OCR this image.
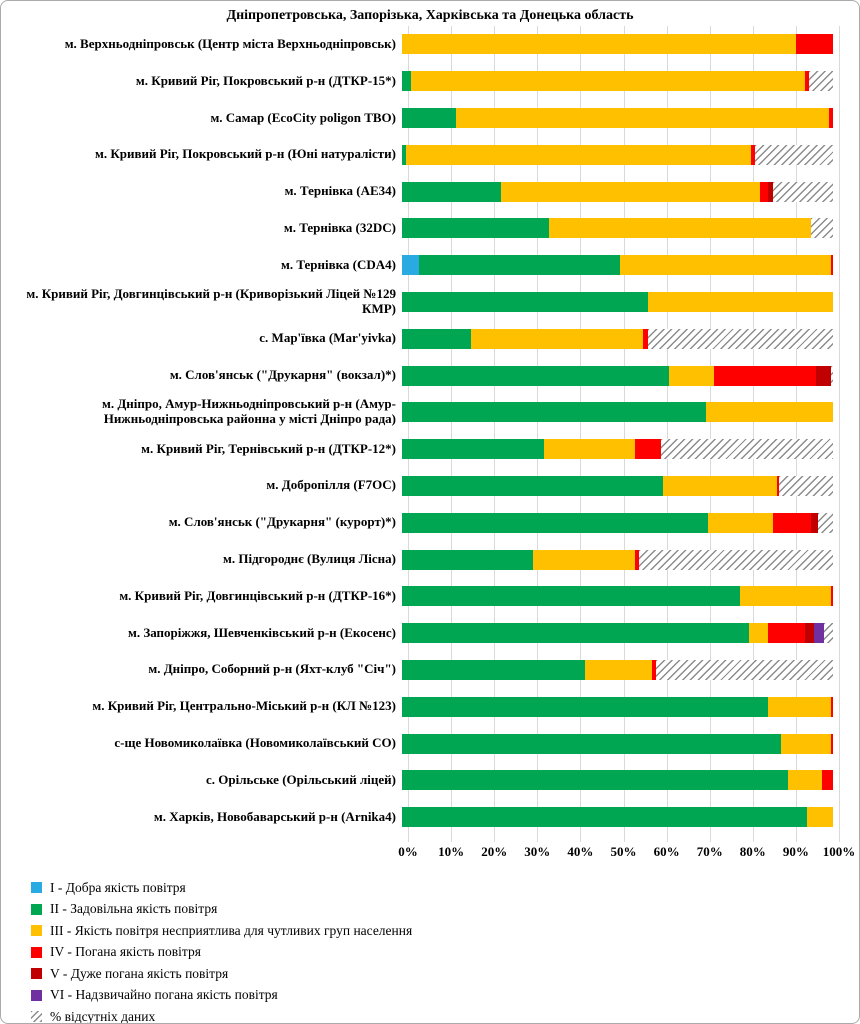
Дніпропетровська, Запорізька, Харківська та Донецька область
м. Верхньодніпровськ (Центр міста Верхньодніпровськ)
м. Кривий Ріг, Покровський р-н (ДТКР-15*)
м. Самар (EcoCity poligon ТВО)
м. Кривий Ріг, Покровський р-н (Юні натуралісти)
м. Тернівка (AE34)
м. Тернівка (32DC)
м. Тернівка (CDA4)
м. Кривий Ріг, Довгинцівський р-н (Криворізький Ліцей №129 КМР)
с. Мар'ївка (Mar'yivka)
м. Слов'янськ ("Друкарня" (вокзал)*)
м. Дніпро, Амур-Нижньодніпровський р-н (Амур-Нижньодніпровська районна у місті Дніпро рада)
м. Кривий Ріг, Тернівський р-н (ДТКР-12*)
м. Добропілля (F7OC)
м. Слов'янськ ("Друкарня" (курорт)*)
м. Підгороднє (Вулиця Лісна)
м. Кривий Ріг, Довгинцівський р-н (ДТКР-16*)
м. Запоріжжя, Шевченківський р-н (Екосенс)
м. Дніпро, Соборний р-н (Яхт-клуб "Січ")
м. Кривий Ріг, Центрально-Міський р-н (КЛ №123)
с-ще Новомиколаївка (Новомиколаївський СО)
с. Орільське (Орільський ліцей)
м. Харків, Новобаварський р-н (Arnika4)
0% 10% 20% 30% 40% 50% 60% 70% 80% 90% 100%
I - Добра якість повітря
II - Задовільна якість повітря
III - Якість повітря несприятлива для чутливих груп населення
IV - Погана якість повітря
V - Дуже погана якість повітря
VI - Надзвичайно погана якість повітря
% відсутніх даних
